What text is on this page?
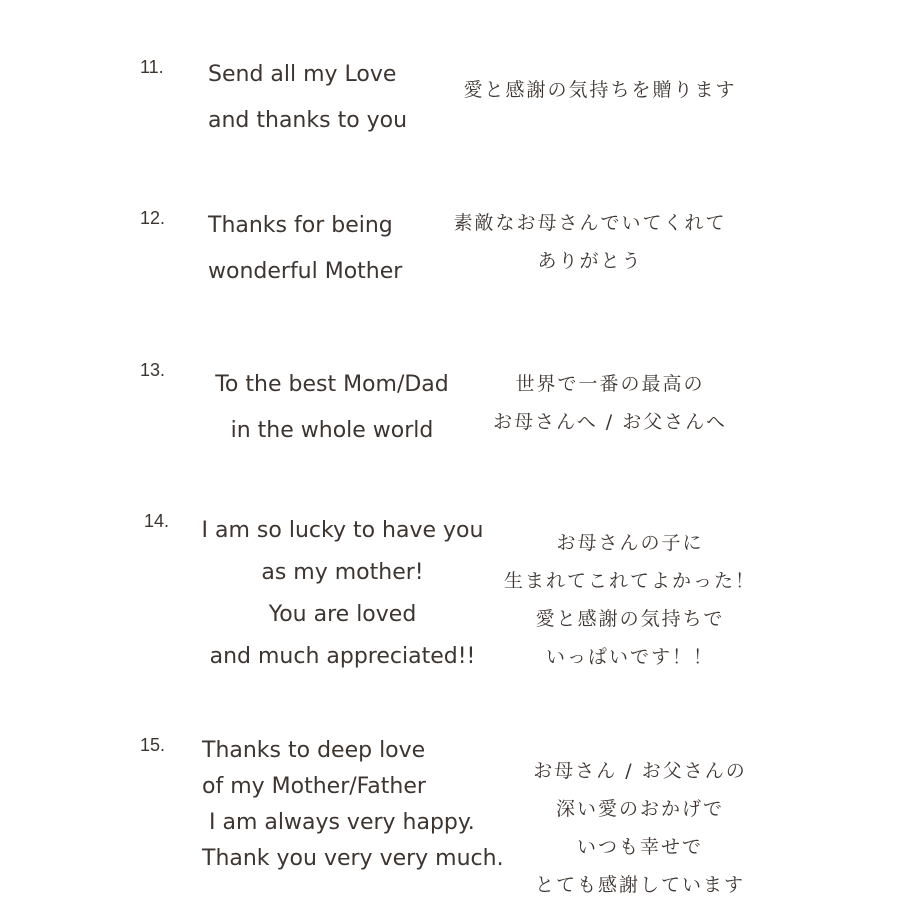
11. Send all my Love
and thanks to you
愛と感謝の気持ちを贈ります
12. Thanks for being
wonderful Mother
素敵なお母さんでいてくれて
ありがとう
13.
To the best Mom/Dad
in the whole world
世界で一番の最高の
お母さんへ / お父さんへ
14.	I am so lucky to have you
as my mother!
You are loved
and much appreciated!!
お母さんの子に
生まれてこれてよかった！
愛と感謝の気持ちで
いっぱいです！！
15. Thanks to deep love
of my Mother/Father
I am always very happy.
Thank you very very much.
お母さん / お父さんの
深い愛のおかげで
いつも幸せで
とても感謝しています
